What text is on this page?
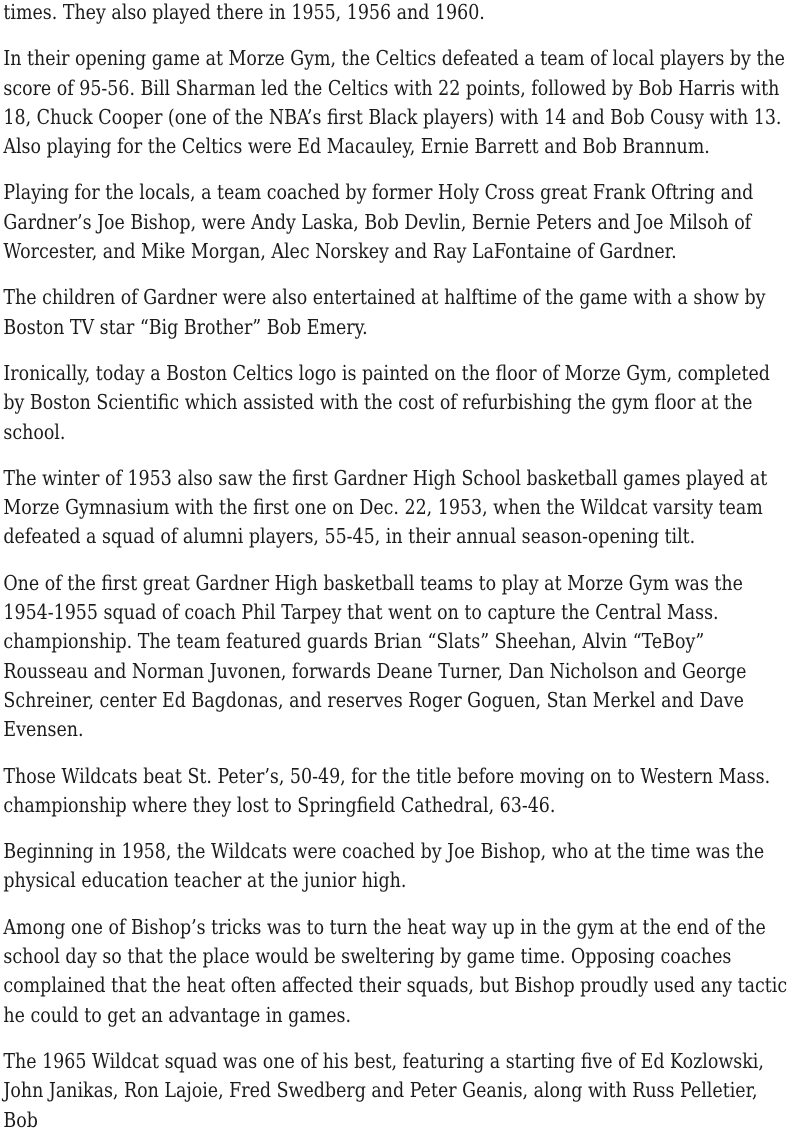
times. They also played there in 1955, 1956 and 1960.

In their opening game at Morze Gym, the Celtics defeated a team of local players by the score of 95-56. Bill Sharman led the Celtics with 22 points, followed by Bob Harris with 18, Chuck Cooper (one of the NBA’s first Black players) with 14 and Bob Cousy with 13. Also playing for the Celtics were Ed Macauley, Ernie Barrett and Bob Brannum.

Playing for the locals, a team coached by former Holy Cross great Frank Oftring and Gardner’s Joe Bishop, were Andy Laska, Bob Devlin, Bernie Peters and Joe Milsoh of Worcester, and Mike Morgan, Alec Norskey and Ray LaFontaine of Gardner.

The children of Gardner were also entertained at halftime of the game with a show by Boston TV star “Big Brother” Bob Emery.

Ironically, today a Boston Celtics logo is painted on the floor of Morze Gym, completed by Boston Scientific which assisted with the cost of refurbishing the gym floor at the school.

The winter of 1953 also saw the first Gardner High School basketball games played at Morze Gymnasium with the first one on Dec. 22, 1953, when the Wildcat varsity team defeated a squad of alumni players, 55-45, in their annual season-opening tilt.

One of the first great Gardner High basketball teams to play at Morze Gym was the 1954-1955 squad of coach Phil Tarpey that went on to capture the Central Mass. championship. The team featured guards Brian “Slats” Sheehan, Alvin “TeBoy” Rousseau and Norman Juvonen, forwards Deane Turner, Dan Nicholson and George Schreiner, center Ed Bagdonas, and reserves Roger Goguen, Stan Merkel and Dave Evensen.

Those Wildcats beat St. Peter’s, 50-49, for the title before moving on to Western Mass. championship where they lost to Springfield Cathedral, 63-46.

Beginning in 1958, the Wildcats were coached by Joe Bishop, who at the time was the physical education teacher at the junior high.

Among one of Bishop’s tricks was to turn the heat way up in the gym at the end of the school day so that the place would be sweltering by game time. Opposing coaches complained that the heat often affected their squads, but Bishop proudly used any tactic he could to get an advantage in games.

The 1965 Wildcat squad was one of his best, featuring a starting five of Ed Kozlowski, John Janikas, Ron Lajoie, Fred Swedberg and Peter Geanis, along with Russ Pelletier, Bob
